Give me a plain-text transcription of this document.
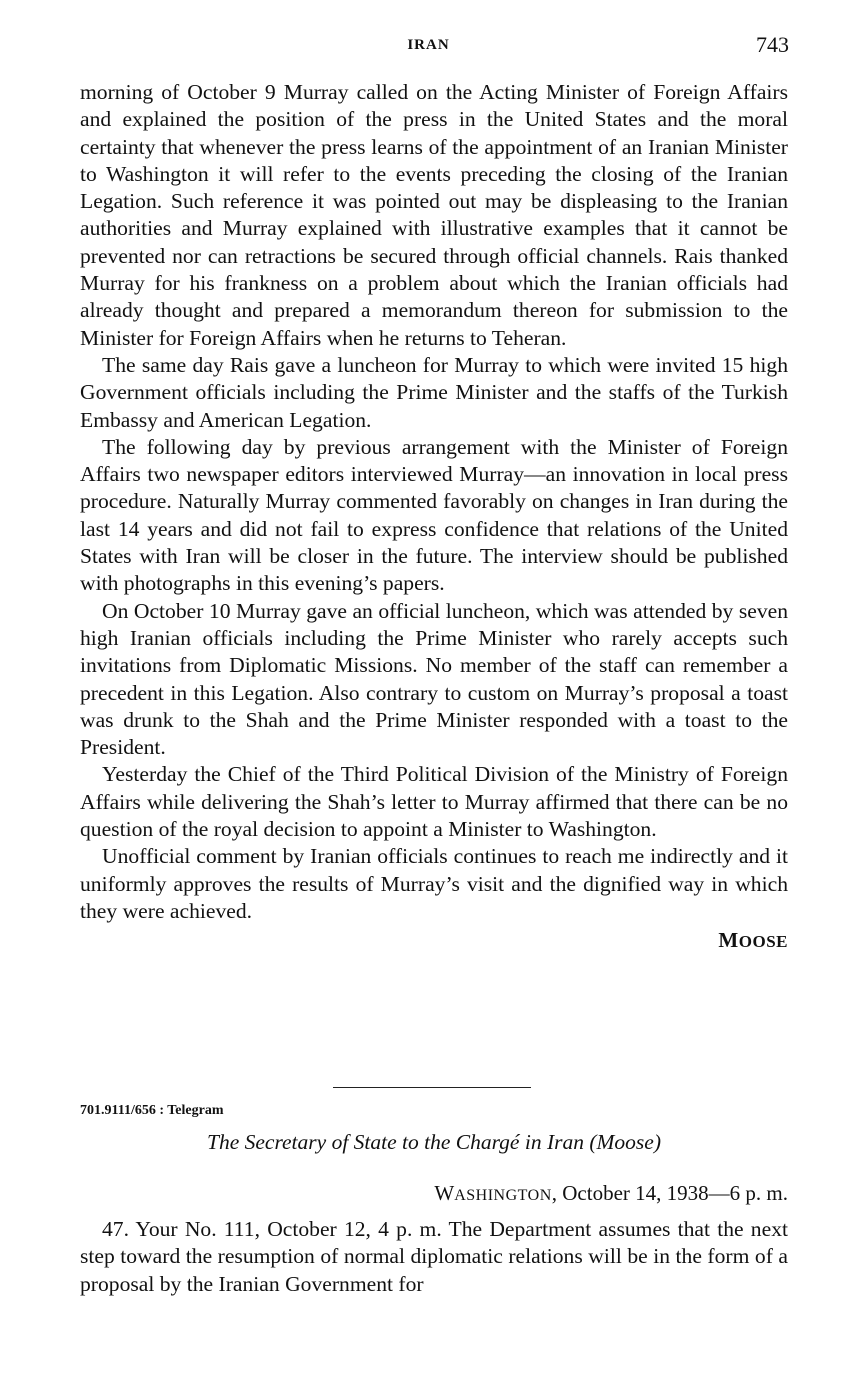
IRAN	743

morning of October 9 Murray called on the Acting Minister of Foreign Affairs and explained the position of the press in the United States and the moral certainty that whenever the press learns of the appointment of an Iranian Minister to Washington it will refer to the events preceding the closing of the Iranian Legation. Such reference it was pointed out may be displeasing to the Iranian authorities and Murray explained with illustrative examples that it cannot be prevented nor can retractions be secured through official channels. Rais thanked Murray for his frankness on a problem about which the Iranian officials had already thought and prepared a memorandum thereon for submission to the Minister for Foreign Affairs when he returns to Teheran.

The same day Rais gave a luncheon for Murray to which were invited 15 high Government officials including the Prime Minister and the staffs of the Turkish Embassy and American Legation.

The following day by previous arrangement with the Minister of Foreign Affairs two newspaper editors interviewed Murray—an innovation in local press procedure. Naturally Murray commented favorably on changes in Iran during the last 14 years and did not fail to express confidence that relations of the United States with Iran will be closer in the future. The interview should be published with photographs in this evening’s papers.

On October 10 Murray gave an official luncheon, which was attended by seven high Iranian officials including the Prime Minister who rarely accepts such invitations from Diplomatic Missions. No member of the staff can remember a precedent in this Legation. Also contrary to custom on Murray’s proposal a toast was drunk to the Shah and the Prime Minister responded with a toast to the President.

Yesterday the Chief of the Third Political Division of the Ministry of Foreign Affairs while delivering the Shah’s letter to Murray affirmed that there can be no question of the royal decision to appoint a Minister to Washington.

Unofficial comment by Iranian officials continues to reach me indirectly and it uniformly approves the results of Murray’s visit and the dignified way in which they were achieved.

MOOSE
701.9111/656 : Telegram
The Secretary of State to the Chargé in Iran (Moose)
WASHINGTON, October 14, 1938—6 p. m.

47. Your No. 111, October 12, 4 p. m. The Department assumes that the next step toward the resumption of normal diplomatic relations will be in the form of a proposal by the Iranian Government for
